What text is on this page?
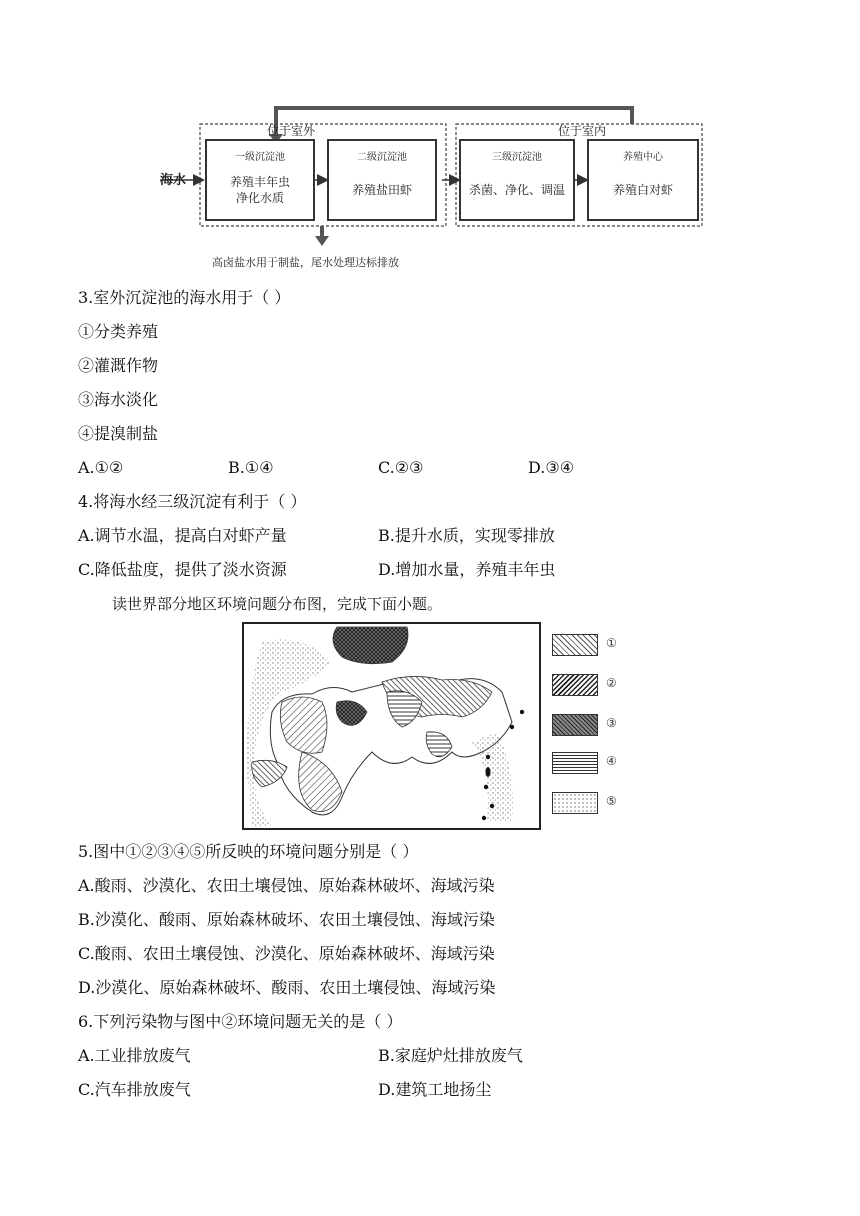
海水
位于室外	位于室内
一级沉淀池
养殖丰年虫
净化水质
二级沉淀池
养殖盐田虾
三级沉淀池
杀菌、净化、调温
养殖中心
养殖白对虾
高卤盐水用于制盐，尾水处理达标排放
3.室外沉淀池的海水用于（ ）
①分类养殖
②灌溉作物
③海水淡化
④提溴制盐
A.①②	B.①④	C.②③	D.③④
4.将海水经三级沉淀有利于（ ）
A.调节水温，提高白对虾产量	B.提升水质，实现零排放
C.降低盐度，提供了淡水资源	D.增加水量，养殖丰年虫
读世界部分地区环境问题分布图，完成下面小题。
①
②
③
④
⑤
5.图中①②③④⑤所反映的环境问题分别是（ ）
A.酸雨、沙漠化、农田土壤侵蚀、原始森林破坏、海域污染
B.沙漠化、酸雨、原始森林破坏、农田土壤侵蚀、海域污染
C.酸雨、农田土壤侵蚀、沙漠化、原始森林破坏、海域污染
D.沙漠化、原始森林破坏、酸雨、农田土壤侵蚀、海域污染
6.下列污染物与图中②环境问题无关的是（ ）
A.工业排放废气	B.家庭炉灶排放废气
C.汽车排放废气	D.建筑工地扬尘
